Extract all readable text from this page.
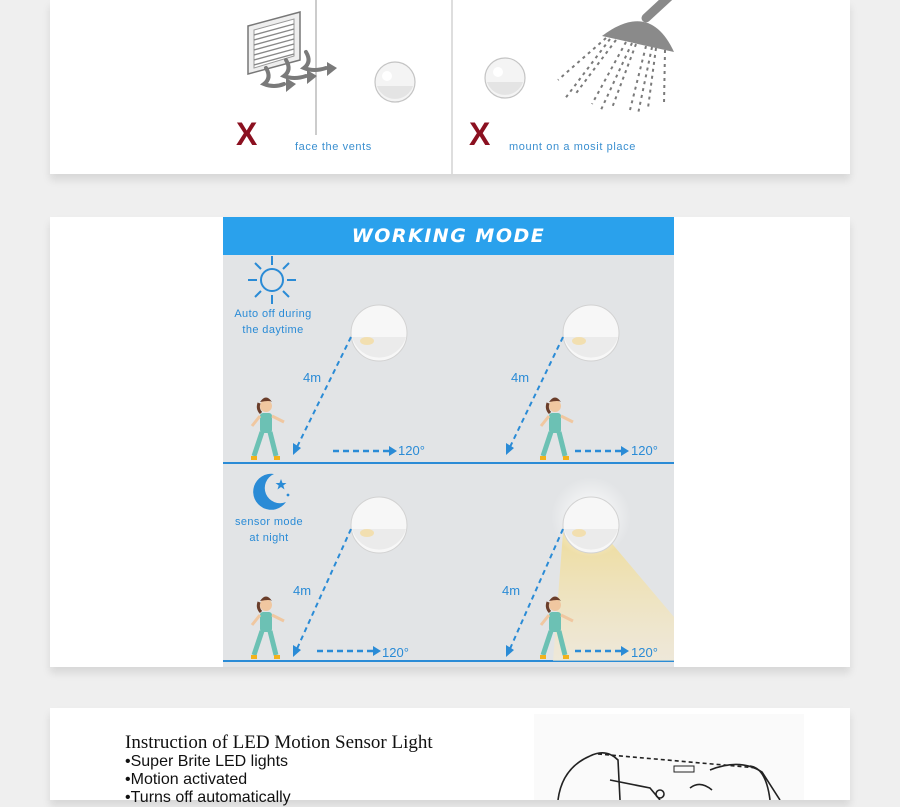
X	face the vents	X mount on a mosit place
WORKING MODE
Auto off during
the daytime
4m	4m
120°	120°
sensor mode
at night
4m	4m
120°	120°
Instruction of LED Motion Sensor Light
•Super Brite LED lights
•Motion activated
•Turns off automatically
